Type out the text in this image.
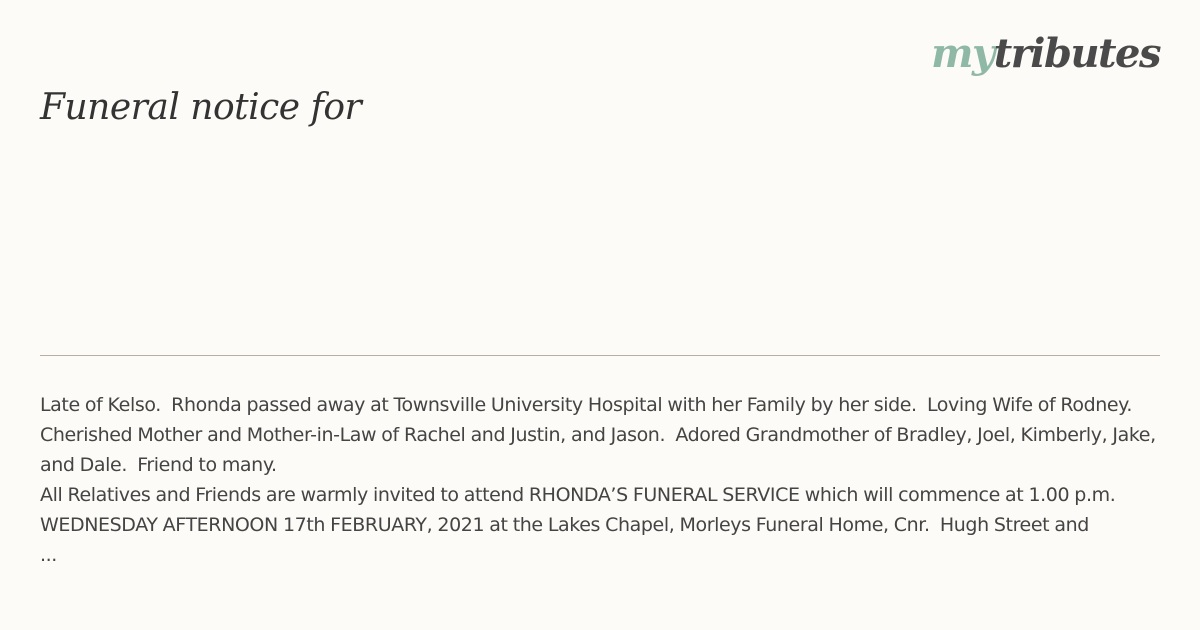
mytributes
Funeral notice for

Late of Kelso.  Rhonda passed away at Townsville University Hospital with her Family by her side.  Loving Wife of Rodney.  Cherished Mother and Mother-in-Law of Rachel and Justin, and Jason.  Adored Grandmother of Bradley, Joel, Kimberly, Jake, and Dale.  Friend to many.

All Relatives and Friends are warmly invited to attend RHONDA’S FUNERAL SERVICE which will commence at 1.00 p.m.  WEDNESDAY AFTERNOON 17th FEBRUARY, 2021 at the Lakes Chapel, Morleys Funeral Home, Cnr.  Hugh Street and

...
